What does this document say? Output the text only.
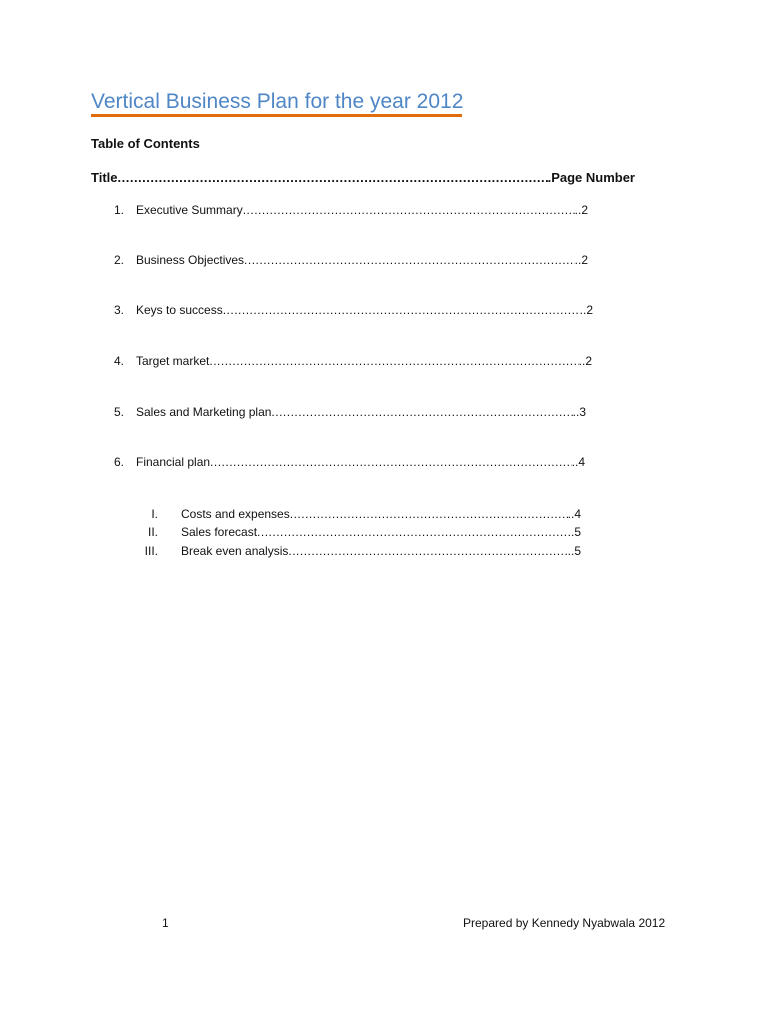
Vertical Business Plan for the year 2012
Table of Contents
Title .....	.Page Number
1. Executive Summary .....	..2
2. Business Objectives .....	..2
3. Keys to success .....	..2
4. Target market .....	..2
5. Sales and Marketing plan .....	..3
6. Financial plan .....	..4
I. Costs and expenses .....	..4
II. Sales forecast .....	..5
III. Break even analysis .....	..5
1	Prepared by Kennedy Nyabwala 2012
